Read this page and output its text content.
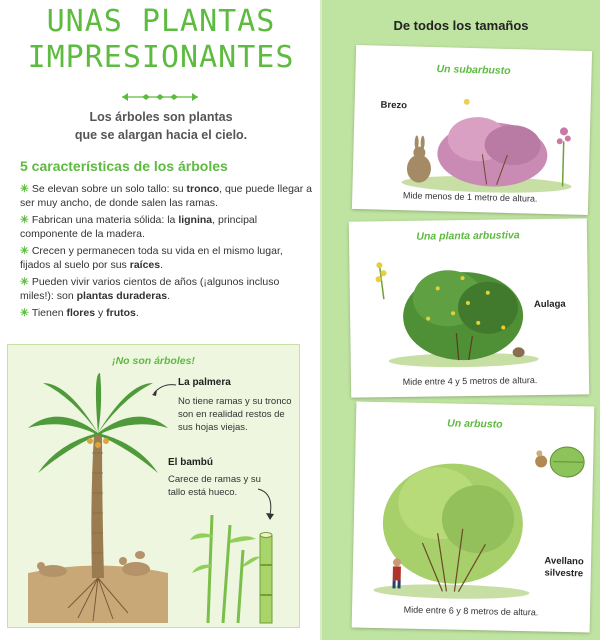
UNAS PLANTAS
IMPRESIONANTES
Los árboles son plantas
que se alargan hacia el cielo.
5 características de los árboles
✳ Se elevan sobre un solo tallo: su tronco, que puede llegar a ser muy ancho, de donde salen las ramas.
✳ Fabrican una materia sólida: la lignina, principal componente de la madera.
✳ Crecen y permanecen toda su vida en el mismo lugar, fijados al suelo por sus raíces.
✳ Pueden vivir varios cientos de años (¡algunos incluso miles!): son plantas duraderas.
✳ Tienen flores y frutos.
¡No son árboles!
La palmera
No tiene ramas y su tronco son en realidad restos de sus hojas viejas.
El bambú
Carece de ramas y su tallo está hueco.
De todos los tamaños
Un subarbusto
Brezo
Mide menos de 1 metro de altura.
Una planta arbustiva
Aulaga
Mide entre 4 y 5 metros de altura.
Un arbusto
Avellano silvestre
Mide entre 6 y 8 metros de altura.
